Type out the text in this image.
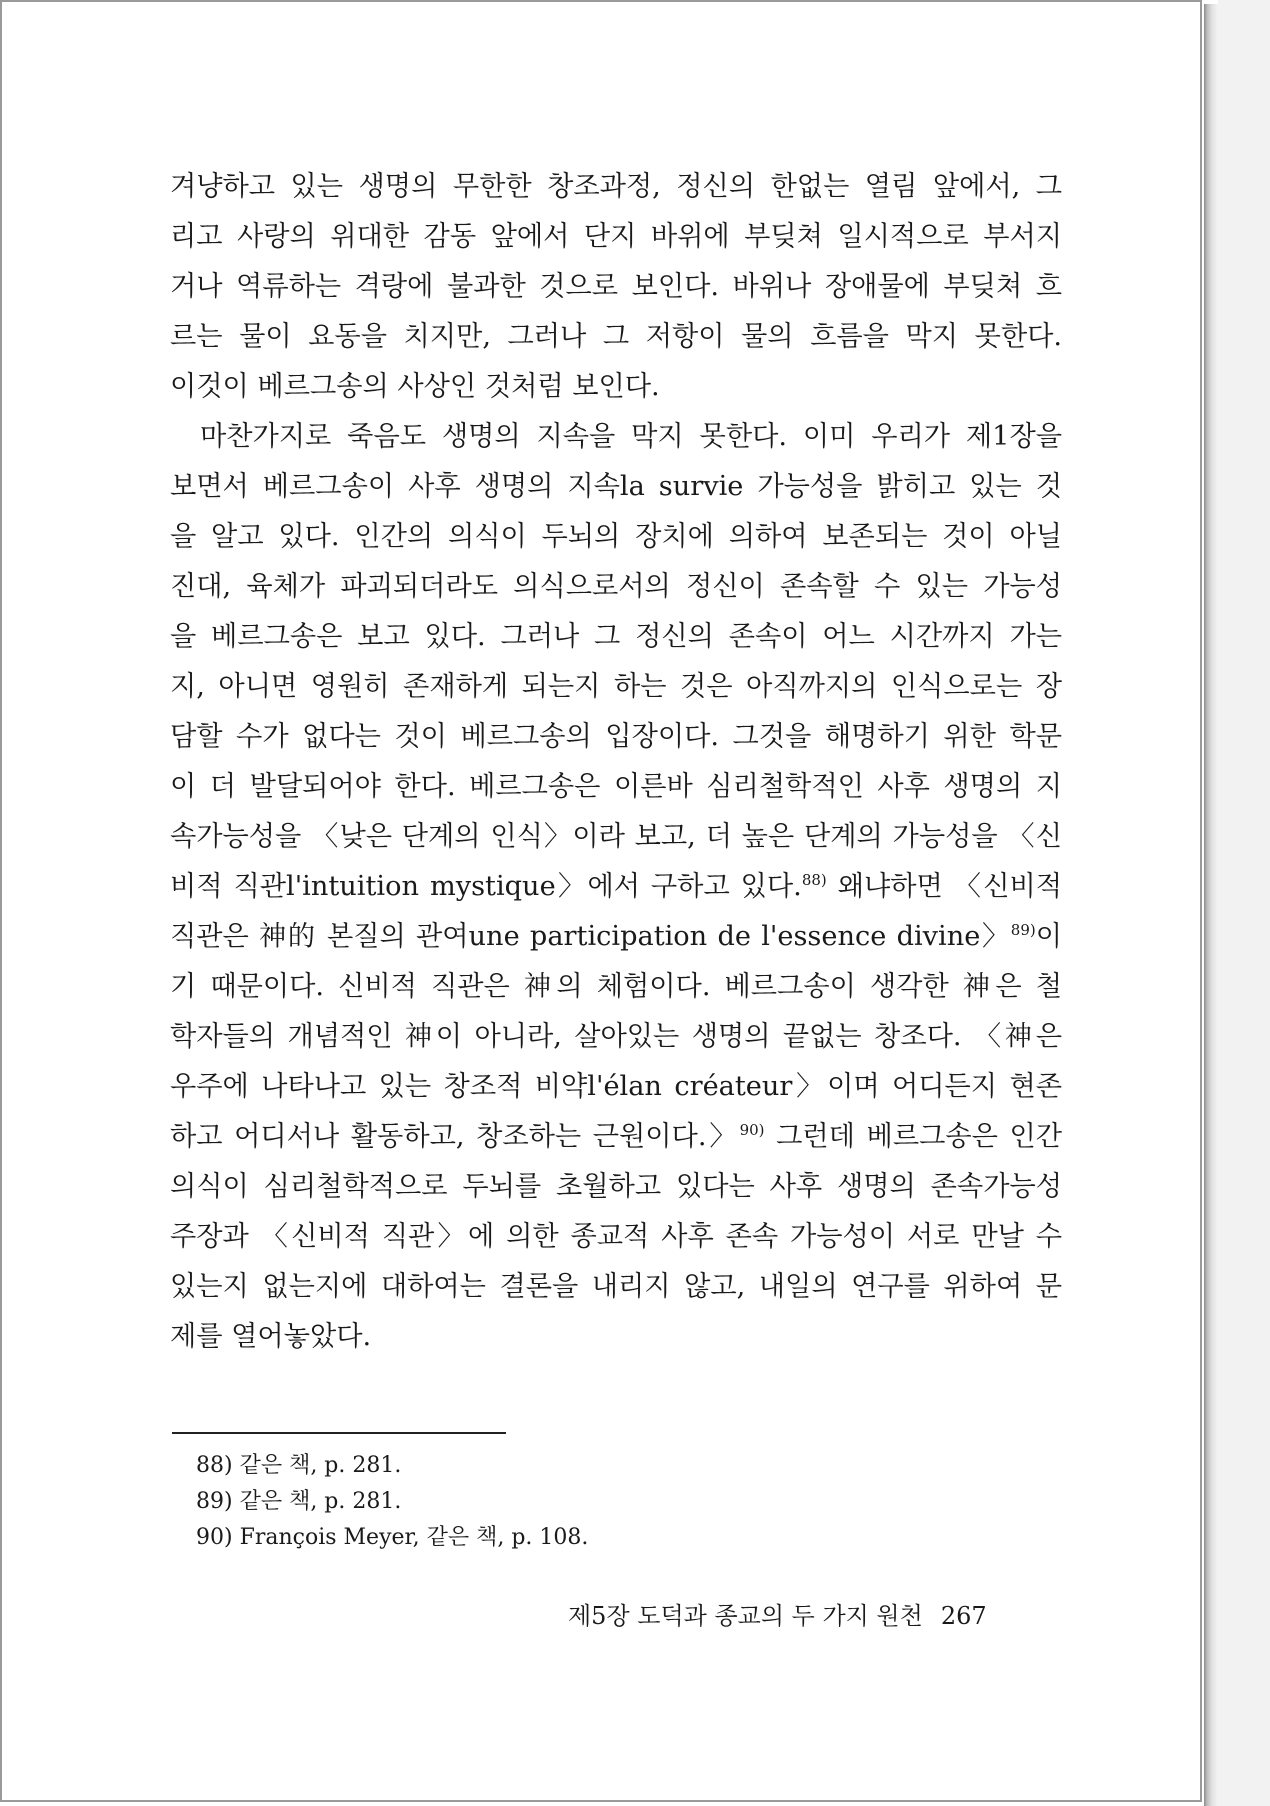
겨냥하고 있는 생명의 무한한 창조과정, 정신의 한없는 열림 앞에서, 그
리고 사랑의 위대한 감동 앞에서 단지 바위에 부딪쳐 일시적으로 부서지
거나 역류하는 격랑에 불과한 것으로 보인다. 바위나 장애물에 부딪쳐 흐
르는 물이 요동을 치지만, 그러나 그 저항이 물의 흐름을 막지 못한다.
이것이 베르그송의 사상인 것처럼 보인다.
마찬가지로 죽음도 생명의 지속을 막지 못한다. 이미 우리가 제1장을
보면서 베르그송이 사후 생명의 지속la survie 가능성을 밝히고 있는 것
을 알고 있다. 인간의 의식이 두뇌의 장치에 의하여 보존되는 것이 아닐
진대, 육체가 파괴되더라도 의식으로서의 정신이 존속할 수 있는 가능성
을 베르그송은 보고 있다. 그러나 그 정신의 존속이 어느 시간까지 가는
지, 아니면 영원히 존재하게 되는지 하는 것은 아직까지의 인식으로는 장
담할 수가 없다는 것이 베르그송의 입장이다. 그것을 해명하기 위한 학문
이 더 발달되어야 한다. 베르그송은 이른바 심리철학적인 사후 생명의 지
속가능성을 〈낮은 단계의 인식〉이라 보고, 더 높은 단계의 가능성을 〈신
비적 직관l'intuition mystique〉에서 구하고 있다.$^{88)}$ 왜냐하면 〈신비적
직관은 神的 본질의 관여une participation de l'essence divine〉$^{89)}$이
기 때문이다. 신비적 직관은 神의 체험이다. 베르그송이 생각한 神은 철
학자들의 개념적인 神이 아니라, 살아있는 생명의 끝없는 창조다. 〈神은
우주에 나타나고 있는 창조적 비약l'élan créateur〉이며 어디든지 현존
하고 어디서나 활동하고, 창조하는 근원이다.〉$^{90)}$ 그런데 베르그송은 인간
의식이 심리철학적으로 두뇌를 초월하고 있다는 사후 생명의 존속가능성
주장과 〈신비적 직관〉에 의한 종교적 사후 존속 가능성이 서로 만날 수
있는지 없는지에 대하여는 결론을 내리지 않고, 내일의 연구를 위하여 문
제를 열어놓았다.
88) 같은 책, p. 281.
89) 같은 책, p. 281.
90) François Meyer, 같은 책, p. 108.
제5장 도덕과 종교의 두 가지 원천 267
